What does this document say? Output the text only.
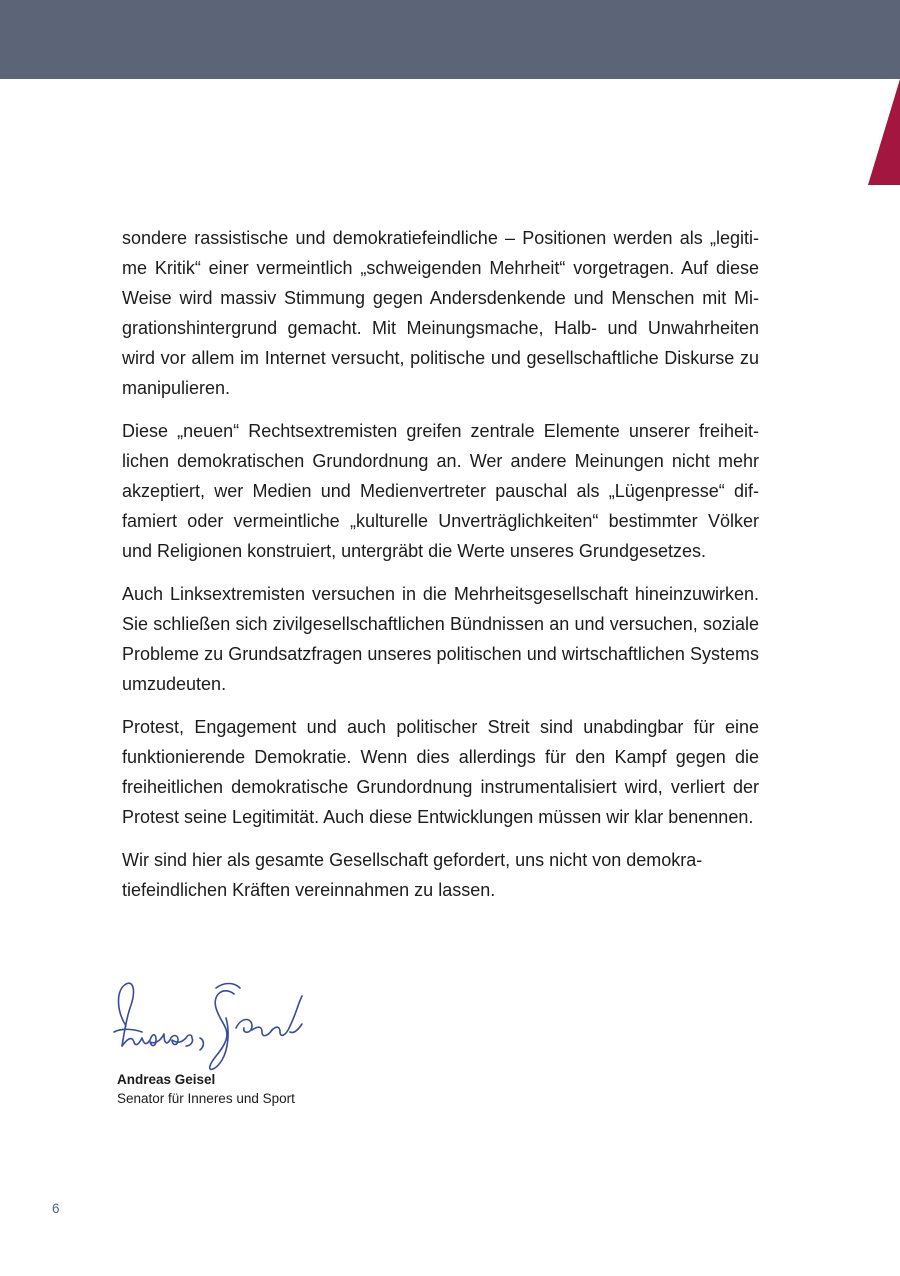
sondere rassistische und demokratiefeindliche – Positionen werden als „legitime Kritik“ einer vermeintlich „schweigenden Mehrheit“ vorgetragen. Auf diese Weise wird massiv Stimmung gegen Andersdenkende und Menschen mit Migrationshintergrund gemacht. Mit Meinungsmache, Halb- und Unwahrheiten wird vor allem im Internet versucht, politische und gesellschaftliche Diskurse zu manipulieren.

Diese „neuen“ Rechtsextremisten greifen zentrale Elemente unserer freiheitlichen demokratischen Grundordnung an. Wer andere Meinungen nicht mehr akzeptiert, wer Medien und Medienvertreter pauschal als „Lügenpresse“ diffamiert oder vermeintliche „kulturelle Unverträglichkeiten“ bestimmter Völker und Religionen konstruiert, untergräbt die Werte unseres Grundgesetzes.

Auch Linksextremisten versuchen in die Mehrheitsgesellschaft hineinzuwirken. Sie schließen sich zivilgesellschaftlichen Bündnissen an und versuchen, soziale Probleme zu Grundsatzfragen unseres politischen und wirtschaftlichen Systems umzudeuten.

Protest, Engagement und auch politischer Streit sind unabdingbar für eine funktionierende Demokratie. Wenn dies allerdings für den Kampf gegen die freiheitlichen demokratische Grundordnung instrumentalisiert wird, verliert der Protest seine Legitimität. Auch diese Entwicklungen müssen wir klar benennen.

Wir sind hier als gesamte Gesellschaft gefordert, uns nicht von demokratiefeindlichen Kräften vereinnahmen zu lassen.

Andreas Geisel
Senator für Inneres und Sport
6
